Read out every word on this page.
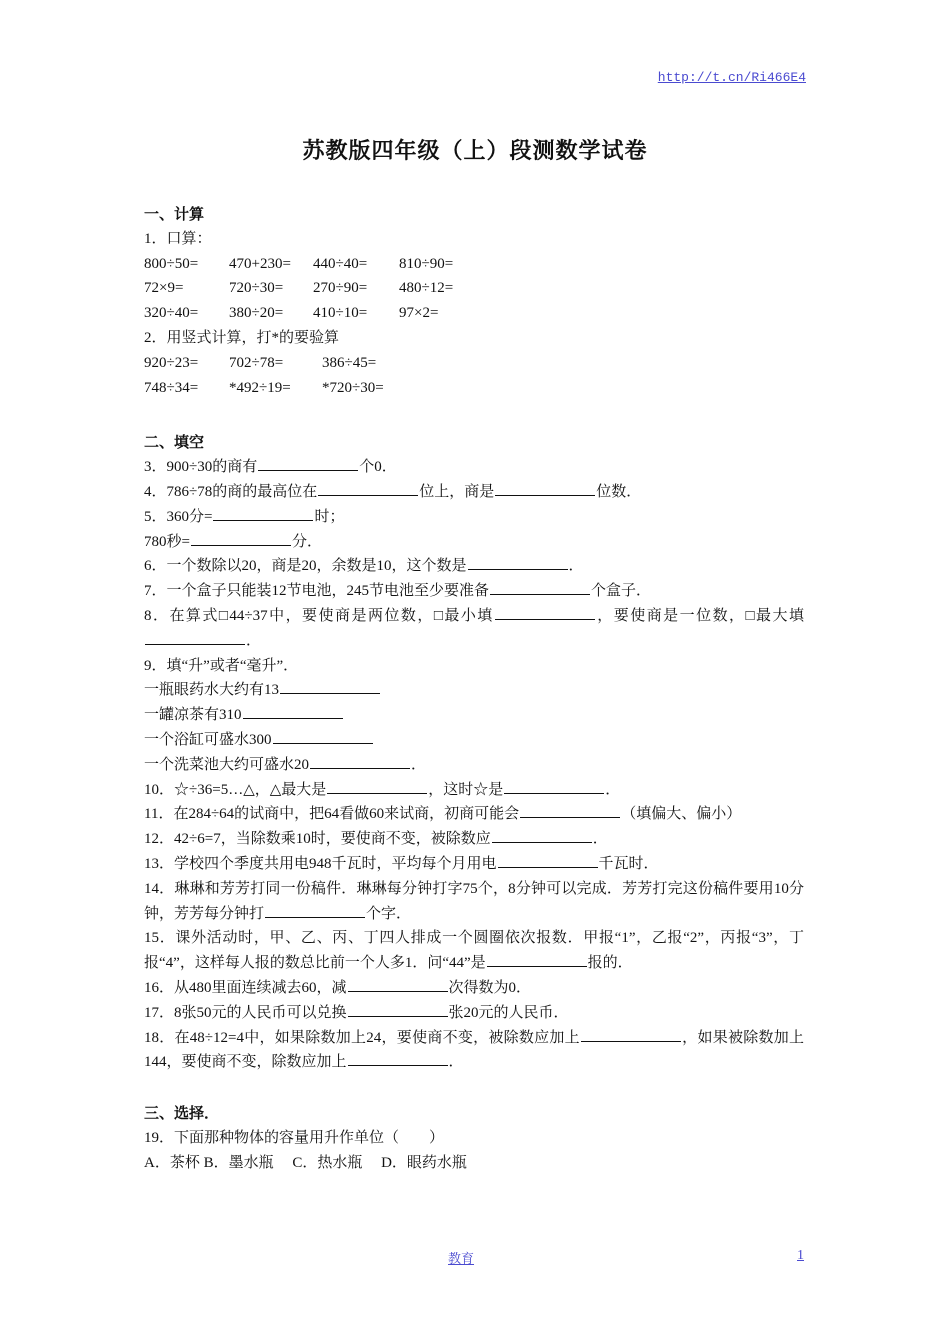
http://t.cn/Ri466E4
苏教版四年级（上）段测数学试卷
一、计算
1．口算：
800÷50=	470+230=	440÷40=	810÷90=
72×9=	720÷30=	270÷90=	480÷12=
320÷40=	380÷20=	410÷10=	97×2=
2．用竖式计算，打*的要验算
920÷23=	702÷78=	386÷45=
748÷34=	*492÷19= *720÷30=
二、填空
3．900÷30的商有	个0．
4．786÷78的商的最高位在	位上，商是	位数．
5．360分=	时；
780秒=	分．
6．一个数除以20，商是20，余数是10，这个数是	．
7．一个盒子只能装12节电池，245节电池至少要准备	个盒子．
8．在算式□44÷37中，要使商是两位数，□最小填	，要使商是一位数，□最大填．
9．填“升”或者“毫升”．
一瓶眼药水大约有13
一罐凉茶有310
一个浴缸可盛水300
一个洗菜池大约可盛水20	．
10．☆÷36=5…△，△最大是	，这时☆是	．
11．在284÷64的试商中，把64看做60来试商，初商可能会	（填偏大、偏小）
12．42÷6=7，当除数乘10时，要使商不变，被除数应	．
13．学校四个季度共用电948千瓦时，平均每个月用电	千瓦时．
14．琳琳和芳芳打同一份稿件．琳琳每分钟打字75个，8分钟可以完成．芳芳打完这份稿件要用10分钟，芳芳每分钟打	个字．
15．课外活动时，甲、乙、丙、丁四人排成一个圆圈依次报数．甲报“1”，乙报“2”，丙报“3”，丁报“4”，这样每人报的数总比前一个人多1．问“44”是	报的．
16．从480里面连续减去60，减	次得数为0．
17．8张50元的人民币可以兑换	张20元的人民币．
18．在48÷12=4中，如果除数加上24，要使商不变，被除数应加上	，如果被除数加上144，要使商不变，除数应加上	．
三、选择．
19．下面那种物体的容量用升作单位（　　）
A．茶杯 B．墨水瓶　 C．热水瓶　 D．眼药水瓶
教育	1
